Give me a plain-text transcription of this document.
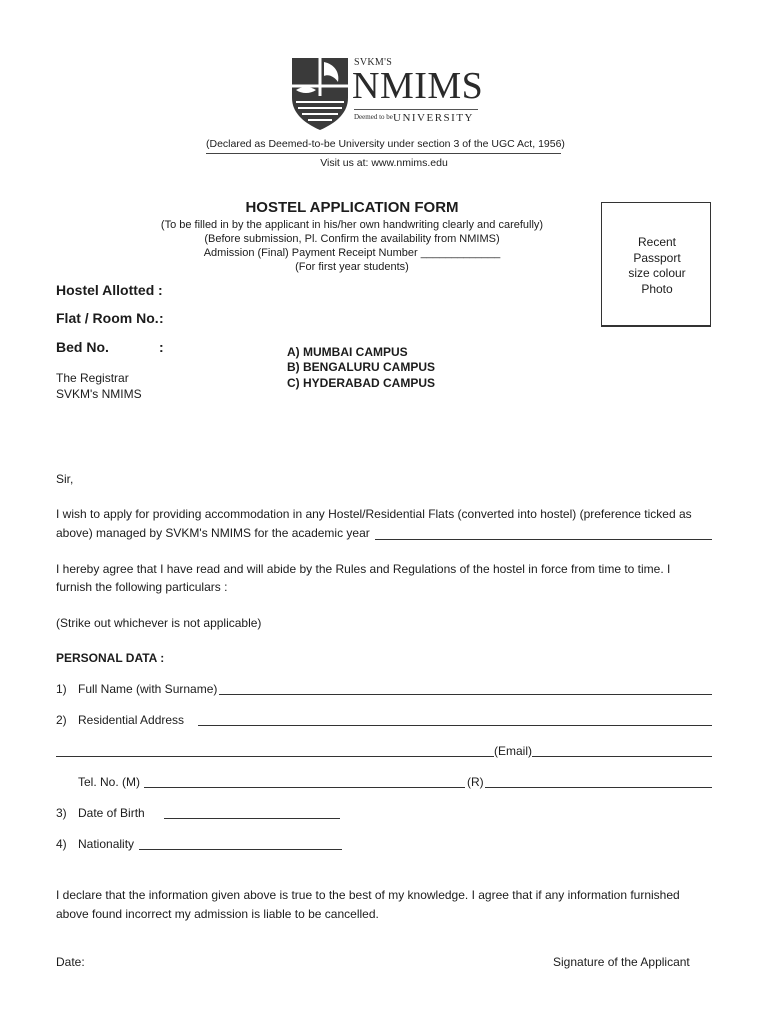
SVKM'S
NMIMS
Deemed to be UNIVERSITY
(Declared as Deemed-to-be University under section 3 of the UGC Act, 1956)
Visit us at: www.nmims.edu
HOSTEL APPLICATION FORM
(To be filled in by the applicant in his/her own handwriting clearly and carefully)
(Before submission, Pl. Confirm the availability from NMIMS)
Admission (Final) Payment Receipt Number _____________
(For first year students)
Recent
Passport
size colour
Photo
Hostel Allotted :
Flat / Room No. :
Bed No.	:	A) MUMBAI CAMPUS
B) BENGALURU CAMPUS
C) HYDERABAD CAMPUS
The Registrar
SVKM's NMIMS
Sir,
I wish to apply for providing accommodation in any Hostel/Residential Flats (converted into hostel) (preference ticked as
above) managed by SVKM's NMIMS for the academic year
I hereby agree that I have read and will abide by the Rules and Regulations of the hostel in force from time to time. I
furnish the following particulars :
(Strike out whichever is not applicable)
PERSONAL DATA :
1) Full Name (with Surname)
2) Residential Address
(Email)
Tel. No. (M)	(R)
3) Date of Birth
4) Nationality
I declare that the information given above is true to the best of my knowledge. I agree that if any information furnished
above found incorrect my admission is liable to be cancelled.
Date:	Signature of the Applicant
